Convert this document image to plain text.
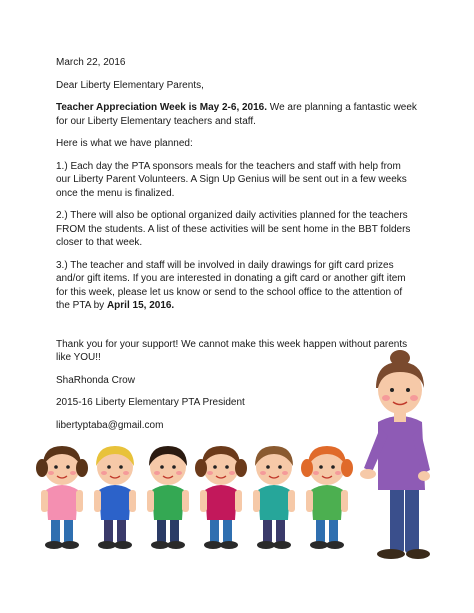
March 22, 2016

Dear Liberty Elementary Parents,

Teacher Appreciation Week is May 2-6, 2016. We are planning a fantastic week for our Liberty Elementary teachers and staff.

Here is what we have planned:

1.) Each day the PTA sponsors meals for the teachers and staff with help from our Liberty Parent Volunteers. A Sign Up Genius will be sent out in a few weeks once the menu is finalized.

2.) There will also be optional organized daily activities planned for the teachers FROM the students. A list of these activities will be sent home in the BBT folders closer to that week.

3.) The teacher and staff will be involved in daily drawings for gift card prizes and/or gift items. If you are interested in donating a gift card or another gift item for this week, please let us know or send to the school office to the attention of the PTA by April 15, 2016.

Thank you for your support! We cannot make this week happen without parents like YOU!!

ShaRhonda Crow

2015-16 Liberty Elementary PTA President

libertyptaba@gmail.com
